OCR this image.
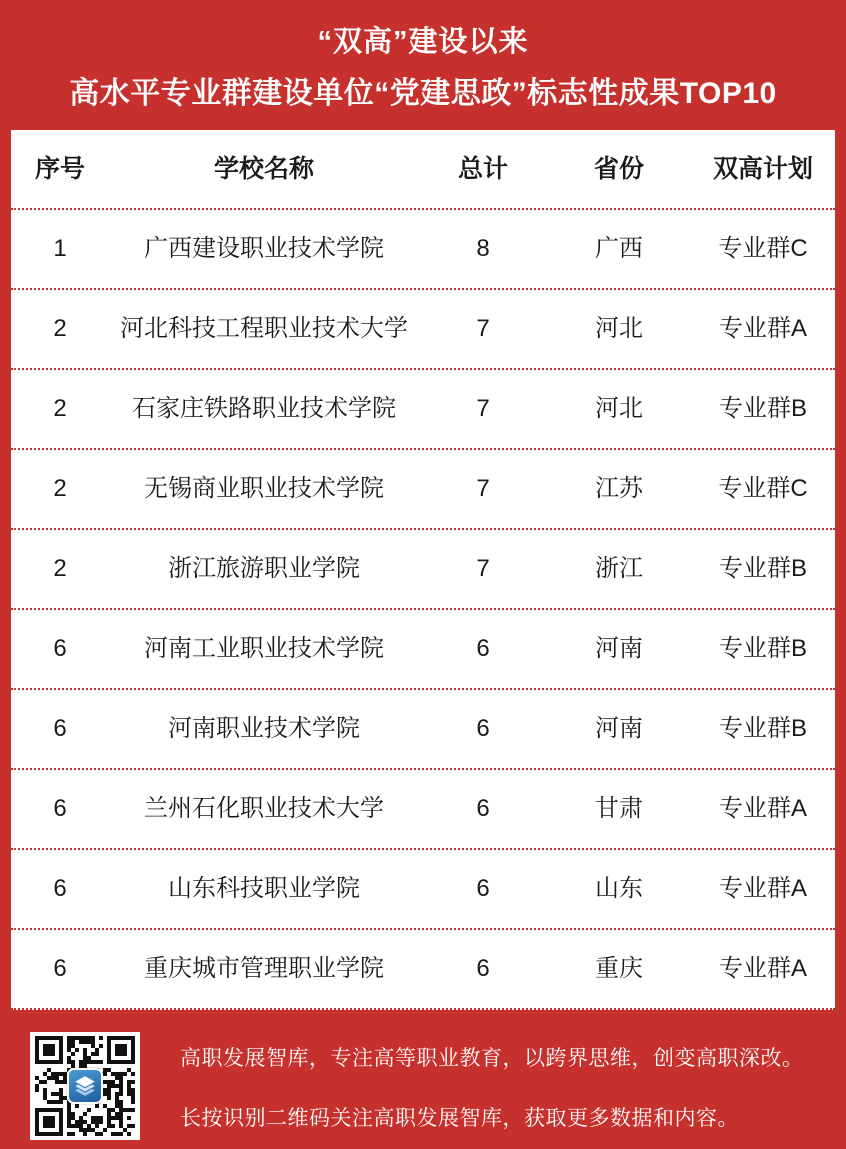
“双高”建设以来
高水平专业群建设单位“党建思政”标志性成果TOP10
序号	学校名称	总计	省份	双高计划
1	广西建设职业技术学院	8	广西	专业群C
2	河北科技工程职业技术大学	7	河北	专业群A
2	石家庄铁路职业技术学院	7	河北	专业群B
2	无锡商业职业技术学院	7	江苏	专业群C
2	浙江旅游职业学院	7	浙江	专业群B
6	河南工业职业技术学院	6	河南	专业群B
6	河南职业技术学院	6	河南	专业群B
6	兰州石化职业技术大学	6	甘肃	专业群A
6	山东科技职业学院	6	山东	专业群A
6	重庆城市管理职业学院	6	重庆	专业群A
高职发展智库，专注高等职业教育，以跨界思维，创变高职深改。
长按识别二维码关注高职发展智库，获取更多数据和内容。
